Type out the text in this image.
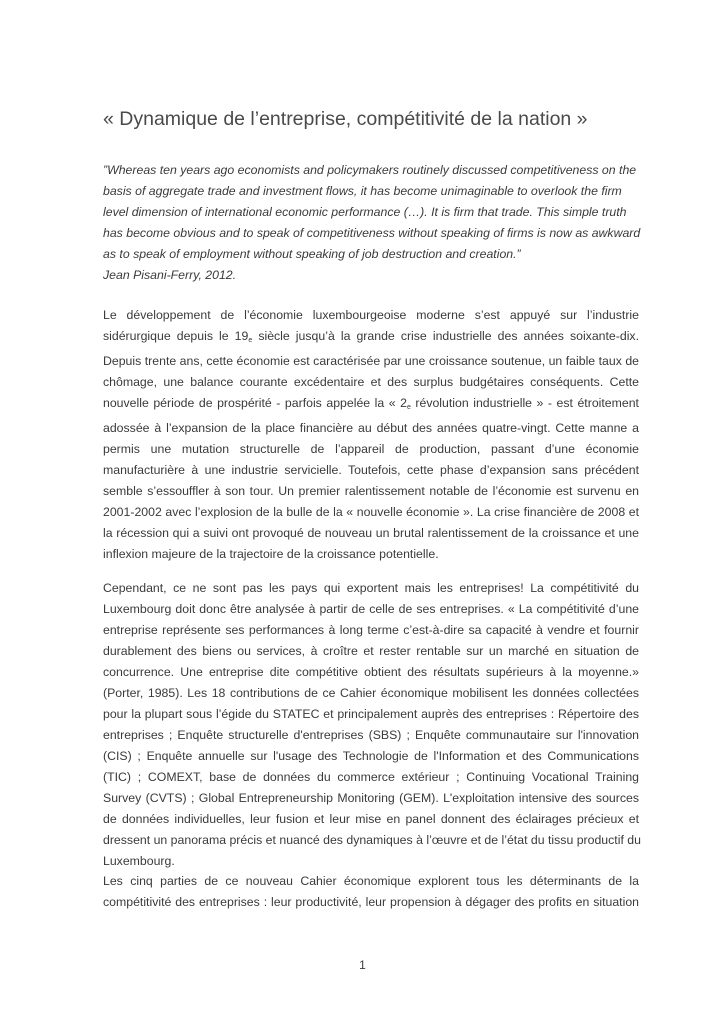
« Dynamique de l’entreprise, compétitivité de la nation »
”Whereas ten years ago economists and policymakers routinely discussed competitiveness on the
basis of aggregate trade and investment flows, it has become unimaginable to overlook the firm
level dimension of international economic performance (…). It is firm that trade. This simple truth
has become obvious and to speak of competitiveness without speaking of firms is now as awkward
as to speak of employment without speaking of job destruction and creation.”
Jean Pisani-Ferry, 2012.
Le développement de l’économie luxembourgeoise moderne s’est appuyé sur l’industrie
sidérurgique depuis le $19_e$ siècle jusqu’à la grande crise industrielle des années soixante-dix.
Depuis trente ans, cette économie est caractérisée par une croissance soutenue, un faible taux de
chômage, une balance courante excédentaire et des surplus budgétaires conséquents. Cette
nouvelle période de prospérité - parfois appelée la « $2_e$ révolution industrielle » - est étroitement
adossée à l’expansion de la place financière au début des années quatre-vingt. Cette manne a
permis une mutation structurelle de l’appareil de production, passant d’une économie
manufacturière à une industrie servicielle. Toutefois, cette phase d’expansion sans précédent
semble s’essouffler à son tour. Un premier ralentissement notable de l’économie est survenu en
2001-2002 avec l’explosion de la bulle de la « nouvelle économie ». La crise financière de 2008 et
la récession qui a suivi ont provoqué de nouveau un brutal ralentissement de la croissance et une
inflexion majeure de la trajectoire de la croissance potentielle.
Cependant, ce ne sont pas les pays qui exportent mais les entreprises! La compétitivité du
Luxembourg doit donc être analysée à partir de celle de ses entreprises. « La compétitivité d’une
entreprise représente ses performances à long terme c’est-à-dire sa capacité à vendre et fournir
durablement des biens ou services, à croître et rester rentable sur un marché en situation de
concurrence. Une entreprise dite compétitive obtient des résultats supérieurs à la moyenne.»
(Porter, 1985). Les 18 contributions de ce Cahier économique mobilisent les données collectées
pour la plupart sous l’égide du STATEC et principalement auprès des entreprises : Répertoire des
entreprises ; Enquête structurelle d'entreprises (SBS) ; Enquête communautaire sur l'innovation
(CIS) ; Enquête annuelle sur l'usage des Technologie de l'Information et des Communications
(TIC) ; COMEXT, base de données du commerce extérieur ; Continuing Vocational Training
Survey (CVTS) ; Global Entrepreneurship Monitoring (GEM). L'exploitation intensive des sources
de données individuelles, leur fusion et leur mise en panel donnent des éclairages précieux et
dressent un panorama précis et nuancé des dynamiques à l’œuvre et de l’état du tissu productif du
Luxembourg.
Les cinq parties de ce nouveau Cahier économique explorent tous les déterminants de la
compétitivité des entreprises : leur productivité, leur propension à dégager des profits en situation
1
